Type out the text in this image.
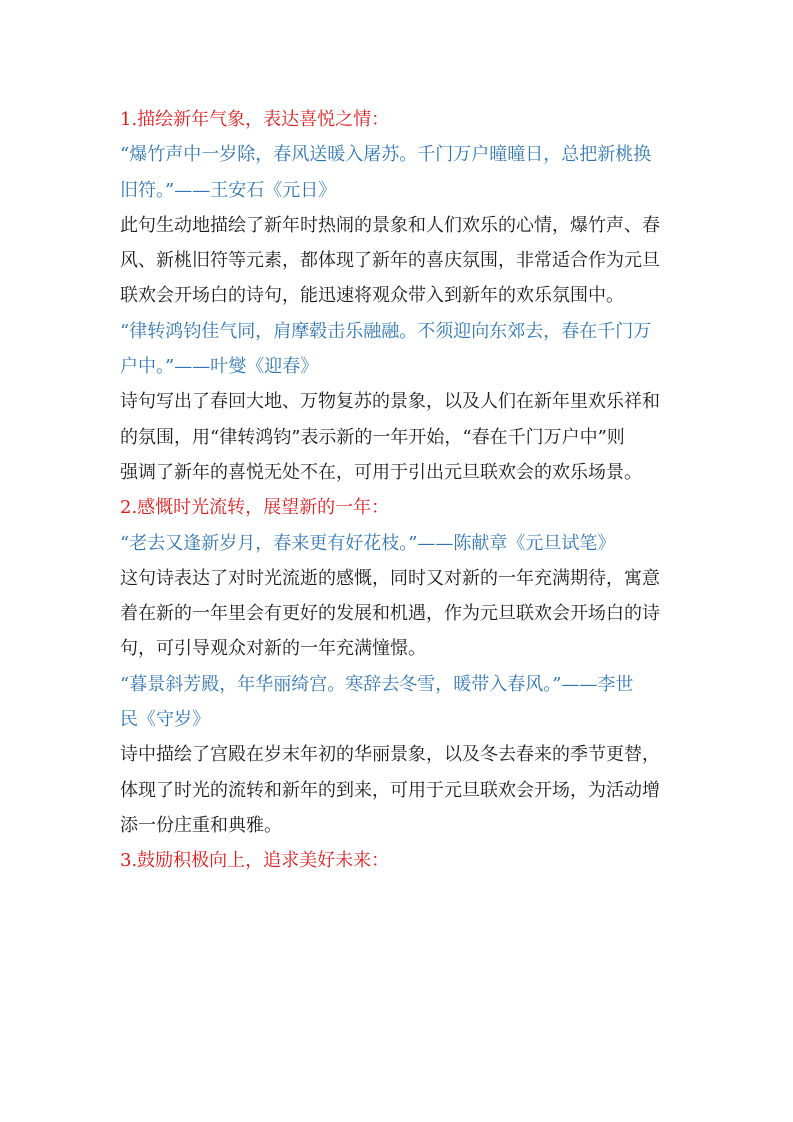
1.描绘新年气象，表达喜悦之情：
“爆竹声中一岁除，春风送暖入屠苏。千门万户曈曈日，总把新桃换
旧符。”——王安石《元日》
此句生动地描绘了新年时热闹的景象和人们欢乐的心情，爆竹声、春
风、新桃旧符等元素，都体现了新年的喜庆氛围，非常适合作为元旦
联欢会开场白的诗句，能迅速将观众带入到新年的欢乐氛围中。
“律转鸿钧佳气同，肩摩毂击乐融融。不须迎向东郊去，春在千门万
户中。”——叶燮《迎春》
诗句写出了春回大地、万物复苏的景象，以及人们在新年里欢乐祥和
的氛围，用“律转鸿钧”表示新的一年开始，“春在千门万户中”则
强调了新年的喜悦无处不在，可用于引出元旦联欢会的欢乐场景。
2.感慨时光流转，展望新的一年：
“老去又逢新岁月，春来更有好花枝。”——陈献章《元旦试笔》
这句诗表达了对时光流逝的感慨，同时又对新的一年充满期待，寓意
着在新的一年里会有更好的发展和机遇，作为元旦联欢会开场白的诗
句，可引导观众对新的一年充满憧憬。
“暮景斜芳殿，年华丽绮宫。寒辞去冬雪，暖带入春风。”——李世
民《守岁》
诗中描绘了宫殿在岁末年初的华丽景象，以及冬去春来的季节更替，
体现了时光的流转和新年的到来，可用于元旦联欢会开场，为活动增
添一份庄重和典雅。
3.鼓励积极向上，追求美好未来：
